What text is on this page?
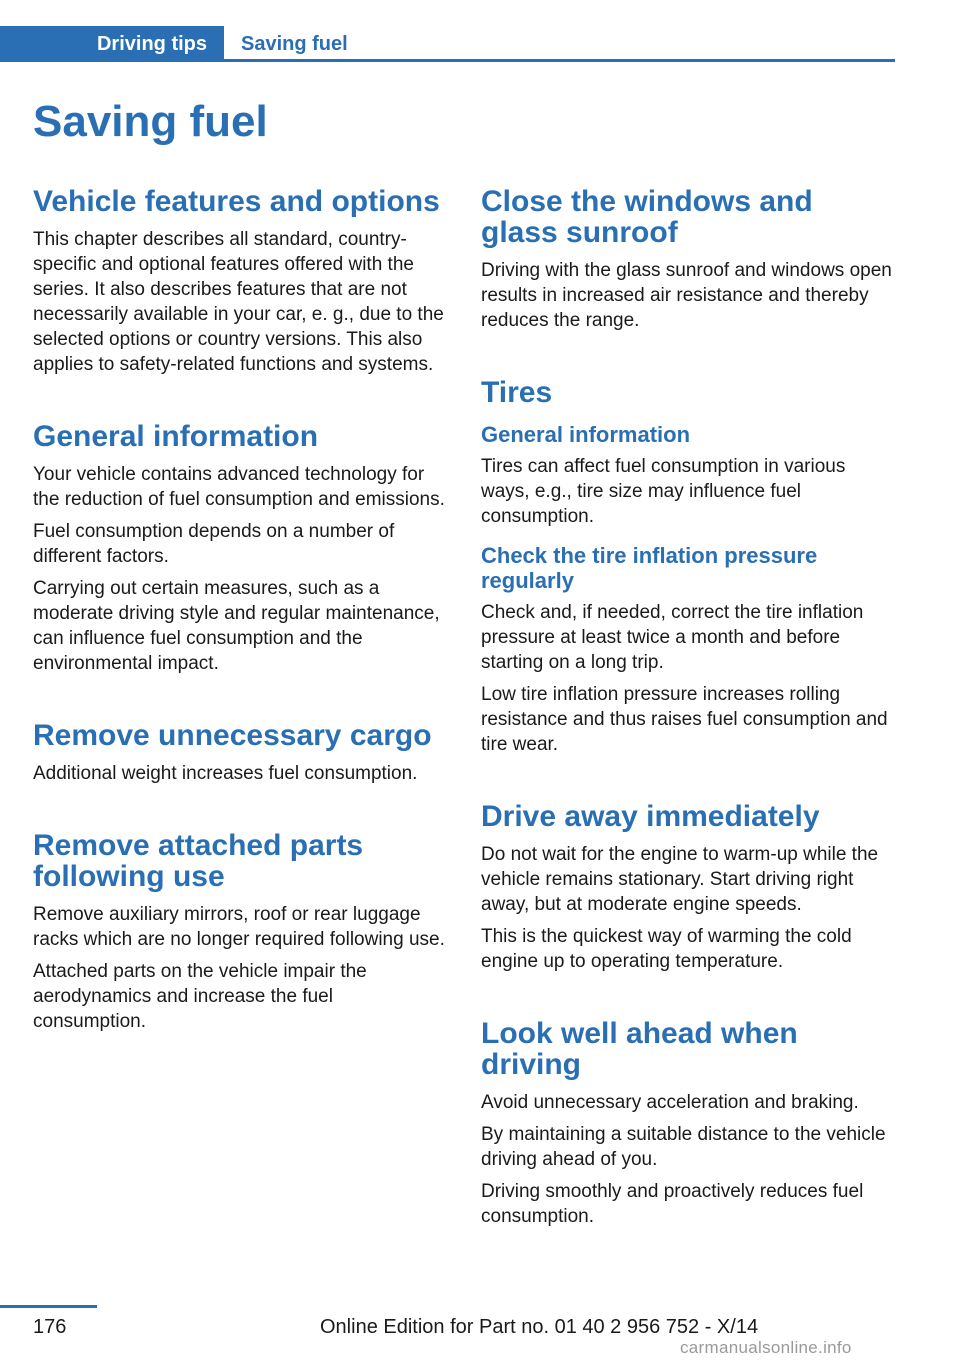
Driving tips	Saving fuel
Saving fuel
Vehicle features and options

This chapter describes all standard, country-specific and optional features offered with the series. It also describes features that are not necessarily available in your car, e. g., due to the selected options or country versions. This also applies to safety-related functions and systems.

General information

Your vehicle contains advanced technology for the reduction of fuel consumption and emissions.

Fuel consumption depends on a number of different factors.

Carrying out certain measures, such as a moderate driving style and regular maintenance, can influence fuel consumption and the environmental impact.

Remove unnecessary cargo

Additional weight increases fuel consumption.

Remove attached parts following use

Remove auxiliary mirrors, roof or rear luggage racks which are no longer required following use.

Attached parts on the vehicle impair the aerodynamics and increase the fuel consumption.

Close the windows and glass sunroof

Driving with the glass sunroof and windows open results in increased air resistance and thereby reduces the range.

Tires
General information

Tires can affect fuel consumption in various ways, e.g., tire size may influence fuel consumption.

Check the tire inflation pressure regularly

Check and, if needed, correct the tire inflation pressure at least twice a month and before starting on a long trip.

Low tire inflation pressure increases rolling resistance and thus raises fuel consumption and tire wear.

Drive away immediately

Do not wait for the engine to warm-up while the vehicle remains stationary. Start driving right away, but at moderate engine speeds.

This is the quickest way of warming the cold engine up to operating temperature.

Look well ahead when driving

Avoid unnecessary acceleration and braking.

By maintaining a suitable distance to the vehicle driving ahead of you.

Driving smoothly and proactively reduces fuel consumption.

176	Online Edition for Part no. 01 40 2 956 752 - X/14
carmanualsonline.info
